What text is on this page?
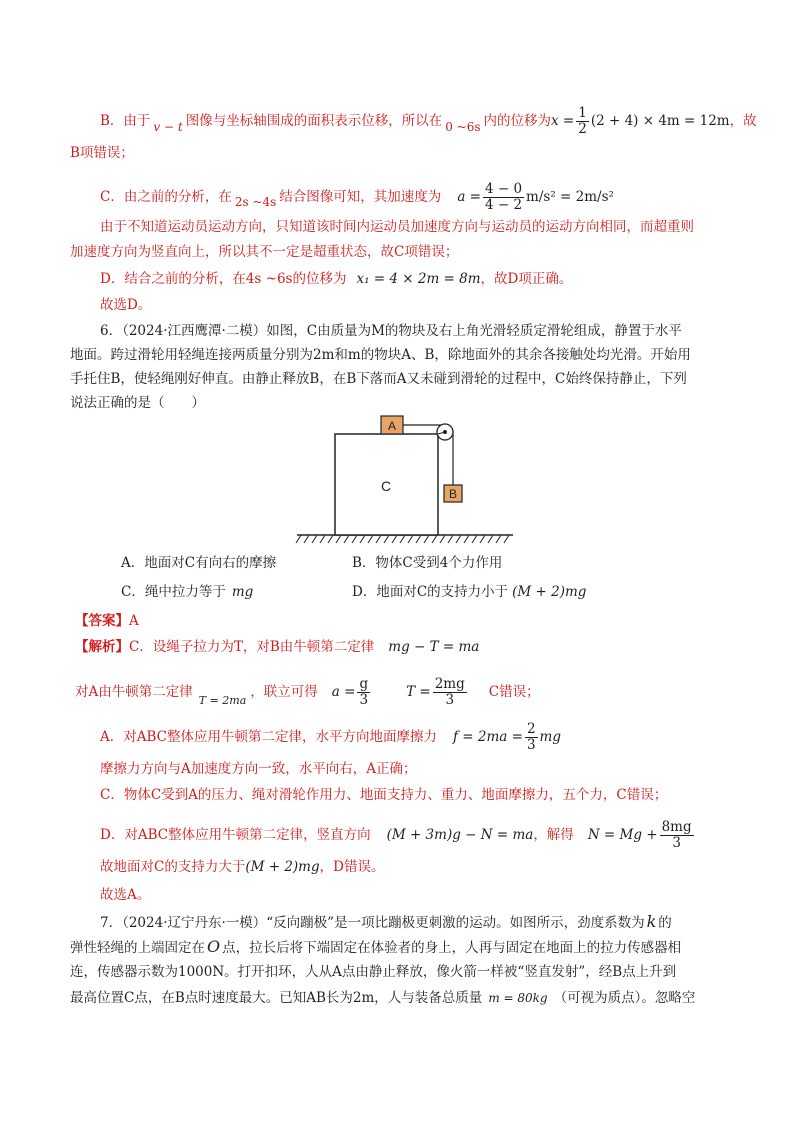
B．由于 v − t 图像与坐标轴围成的面积表示位移，所以在 0 ~6s 内的位移为$x = \frac{1}{2} (2 + 4) \times 4m = 12m$，故
B项错误；
C．由之前的分析，在 2s ~4s 结合图像可知，其加速度为 $a = \frac{4 - 0}{4 - 2} m/s^2 = 2m/s^2$
由于不知道运动员运动方向，只知道该时间内运动员加速度方向与运动员的运动方向相同，而超重则
加速度方向为竖直向上，所以其不一定是超重状态，故C项错误；
D．结合之前的分析，在4s ~6s的位移为 x₁ = 4 × 2m = 8m，故D项正确。
故选D。
6．（2024·江西鹰潭·二模）如图，C由质量为M的物块及右上角光滑轻质定滑轮组成，静置于水平
地面。跨过滑轮用轻绳连接两质量分别为2m和m的物块A、B，除地面外的其余各接触处均光滑。开始用
手托住B，使轻绳刚好伸直。由静止释放B，在B下落而A又未碰到滑轮的过程中，C始终保持静止，下列
说法正确的是（　　）
C
A
B
A．地面对C有向右的摩擦	B．物体C受到4个力作用
C．绳中拉力等于 mg	D．地面对C的支持力小于 (M + 2)mg
【答案】A
【解析】C．设绳子拉力为T，对B由牛顿第二定律 mg − T = ma
对A由牛顿第二定律$_{T = 2ma}$，联立可得 $a = \frac{g}{3}$	$T = \frac{2mg}{3}$ C错误；
A．对ABC整体应用牛顿第二定律，水平方向地面摩擦力 $f = 2ma = \frac{2}{3}$ mg
摩擦力方向与A加速度方向一致，水平向右，A正确；
C．物体C受到A的压力、绳对滑轮作用力、地面支持力、重力、地面摩擦力，五个力，C错误；
D．对ABC整体应用牛顿第二定律，竖直方向 (M + 3m)g − N = ma，解得 $N = Mg + \frac{8mg}{3}$
故地面对C的支持力大于(M + 2)mg，D错误。
故选A。
7．（2024·辽宁丹东·一模）“反向蹦极”是一项比蹦极更刺激的运动。如图所示，劲度系数为 k 的
弹性轻绳的上端固定在 O 点，拉长后将下端固定在体验者的身上，人再与固定在地面上的拉力传感器相
连，传感器示数为1000N。打开扣环，人从A点由静止释放，像火箭一样被“竖直发射”，经B点上升到
最高位置C点，在B点时速度最大。已知AB长为2m，人与装备总质量 m = 80kg （可视为质点）。忽略空
